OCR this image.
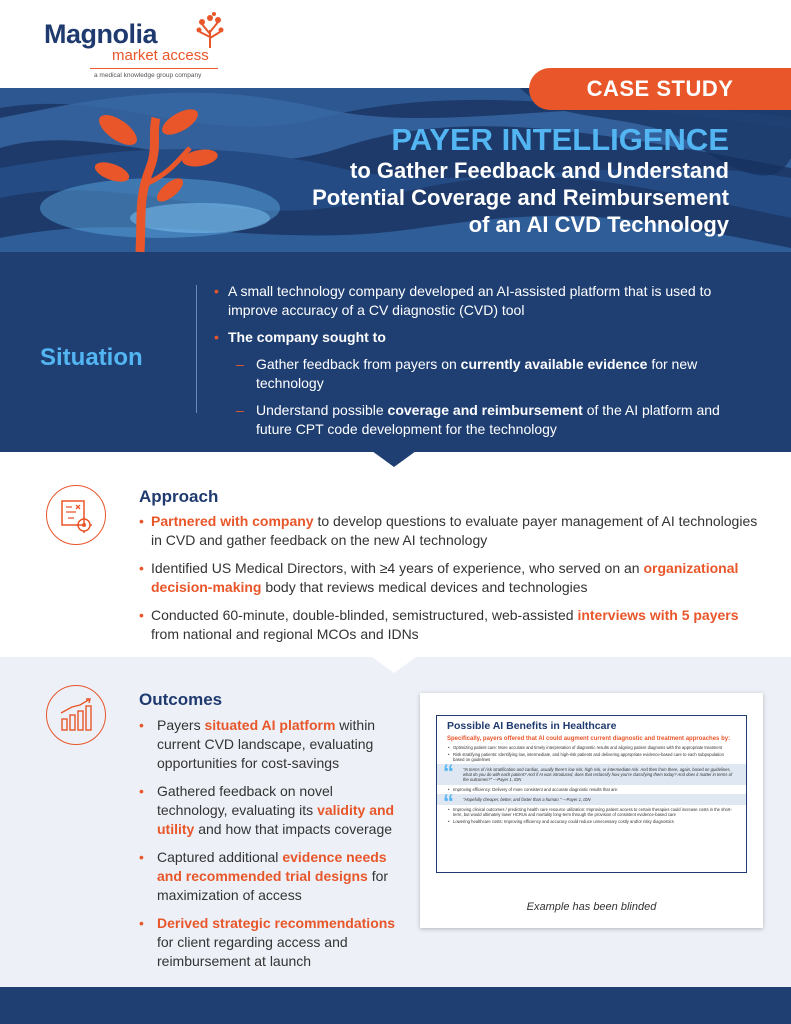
Magnolia
market access
a medical knowledge group company
CASE STUDY
PAYER INTELLIGENCE
to Gather Feedback and Understand
Potential Coverage and Reimbursement
of an AI CVD Technology
Situation
• A small technology company developed an AI-assisted platform that is used to improve accuracy of a CV diagnostic (CVD) tool
• The company sought to
– Gather feedback from payers on currently available evidence for new technology
– Understand possible coverage and reimbursement of the AI platform and future CPT code development for the technology
Approach
• Partnered with company to develop questions to evaluate payer management of AI technologies in CVD and gather feedback on the new AI technology
• Identified US Medical Directors, with ≥4 years of experience, who served on an organizational decision-making body that reviews medical devices and technologies
• Conducted 60-minute, double-blinded, semistructured, web-assisted interviews with 5 payers from national and regional MCOs and IDNs
Outcomes
• Payers situated AI platform within current CVD landscape, evaluating opportunities for cost-savings
• Gathered feedback on novel technology, evaluating its validity and utility and how that impacts coverage
• Captured additional evidence needs and recommended trial designs for maximization of access
• Derived strategic recommendations for client regarding access and reimbursement at launch
Possible AI Benefits in Healthcare
Specifically, payers offered that AI could augment current diagnostic and treatment approaches by:
• Optimizing patient care: More accurate and timely interpretation of diagnostic results and aligning patient diagnosis with the appropriate treatment
• Risk stratifying patients: Identifying low, intermediate, and high-risk patients and delivering appropriate evidence-based care to each subpopulation based on guidelines
“ "In terms of risk stratification and cardiac, usually there's low risk, high risk, or intermediate risk. And then from there, again, based on guidelines, what do you do with each patient? And if AI was introduced, does that reclassify how you're classifying them today? And does it matter in terms of the outcomes?" —Payer 1, IDN
• Improving efficiency: Delivery of more consistent and accurate diagnostic results that are:
“ "Hopefully cheaper, better, and faster than a human." —Payer 1, IDN
• Improving clinical outcomes / predicting health care resource utilization: Improving patient access to certain therapies could increase costs in the short-term, but would ultimately lower HCRUs and mortality long-term through the provision of consistent evidence-based care
• Lowering healthcare costs: Improving efficiency and accuracy could reduce unnecessary costly and/or risky diagnostics
Example has been blinded
